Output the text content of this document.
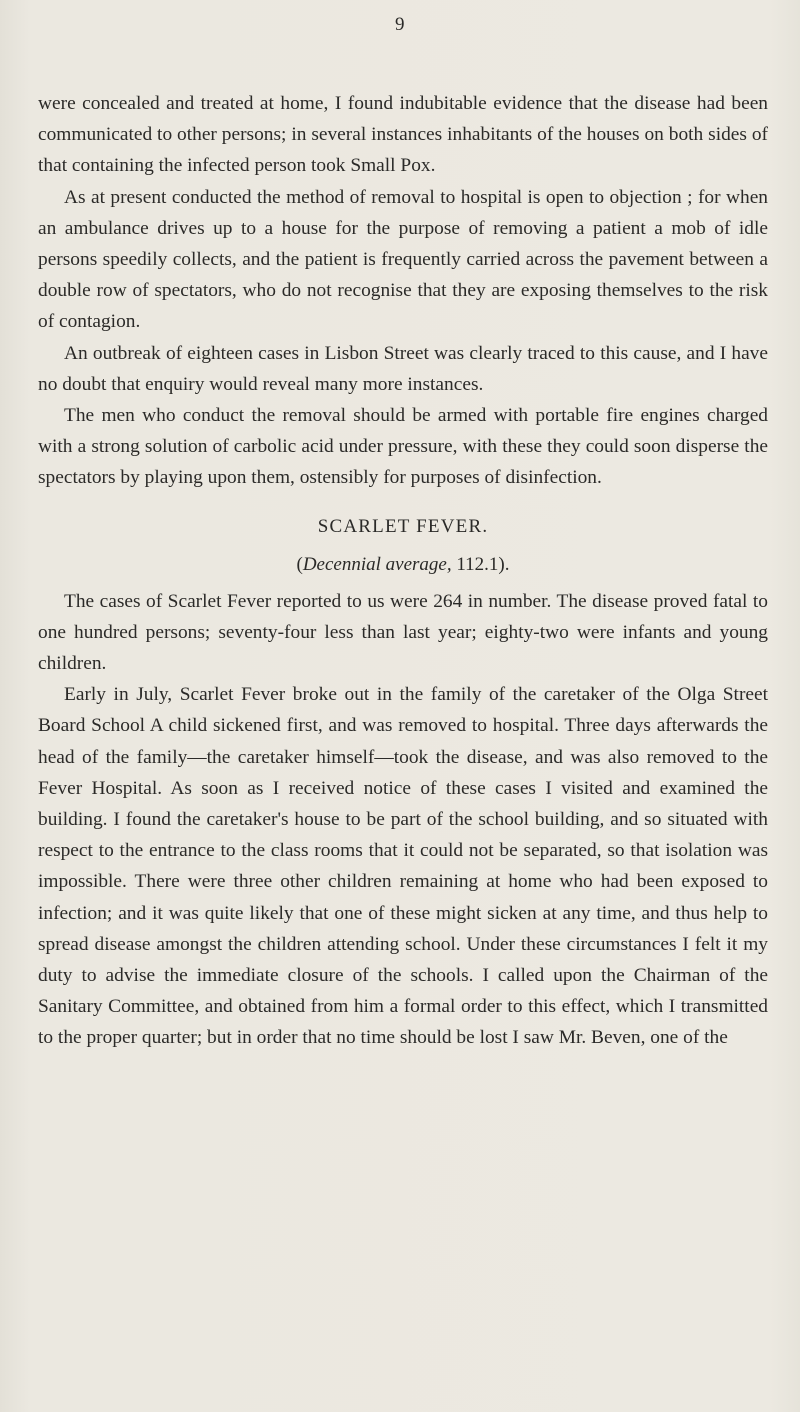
9

were concealed and treated at home, I found indubitable evidence that the disease had been communicated to other persons; in several instances inhabitants of the houses on both sides of that containing the infected person took Small Pox.

As at present conducted the method of removal to hospital is open to objection ; for when an ambulance drives up to a house for the purpose of removing a patient a mob of idle persons speedily collects, and the patient is frequently carried across the pavement between a double row of spectators, who do not recognise that they are exposing themselves to the risk of contagion.

An outbreak of eighteen cases in Lisbon Street was clearly traced to this cause, and I have no doubt that enquiry would reveal many more instances.

The men who conduct the removal should be armed with portable fire engines charged with a strong solution of carbolic acid under pressure, with these they could soon disperse the spectators by playing upon them, ostensibly for purposes of disinfection.

SCARLET FEVER.
(Decennial average, 112.1).

The cases of Scarlet Fever reported to us were 264 in number. The disease proved fatal to one hundred persons; seventy-four less than last year; eighty-two were infants and young children.

Early in July, Scarlet Fever broke out in the family of the caretaker of the Olga Street Board School A child sickened first, and was removed to hospital. Three days afterwards the head of the family—the caretaker himself—took the disease, and was also removed to the Fever Hospital. As soon as I received notice of these cases I visited and examined the building. I found the caretaker's house to be part of the school building, and so situated with respect to the entrance to the class rooms that it could not be separated, so that isolation was impossible. There were three other children remaining at home who had been exposed to infection; and it was quite likely that one of these might sicken at any time, and thus help to spread disease amongst the children attending school. Under these circumstances I felt it my duty to advise the immediate closure of the schools. I called upon the Chairman of the Sanitary Committee, and obtained from him a formal order to this effect, which I transmitted to the proper quarter; but in order that no time should be lost I saw Mr. Beven, one of the
